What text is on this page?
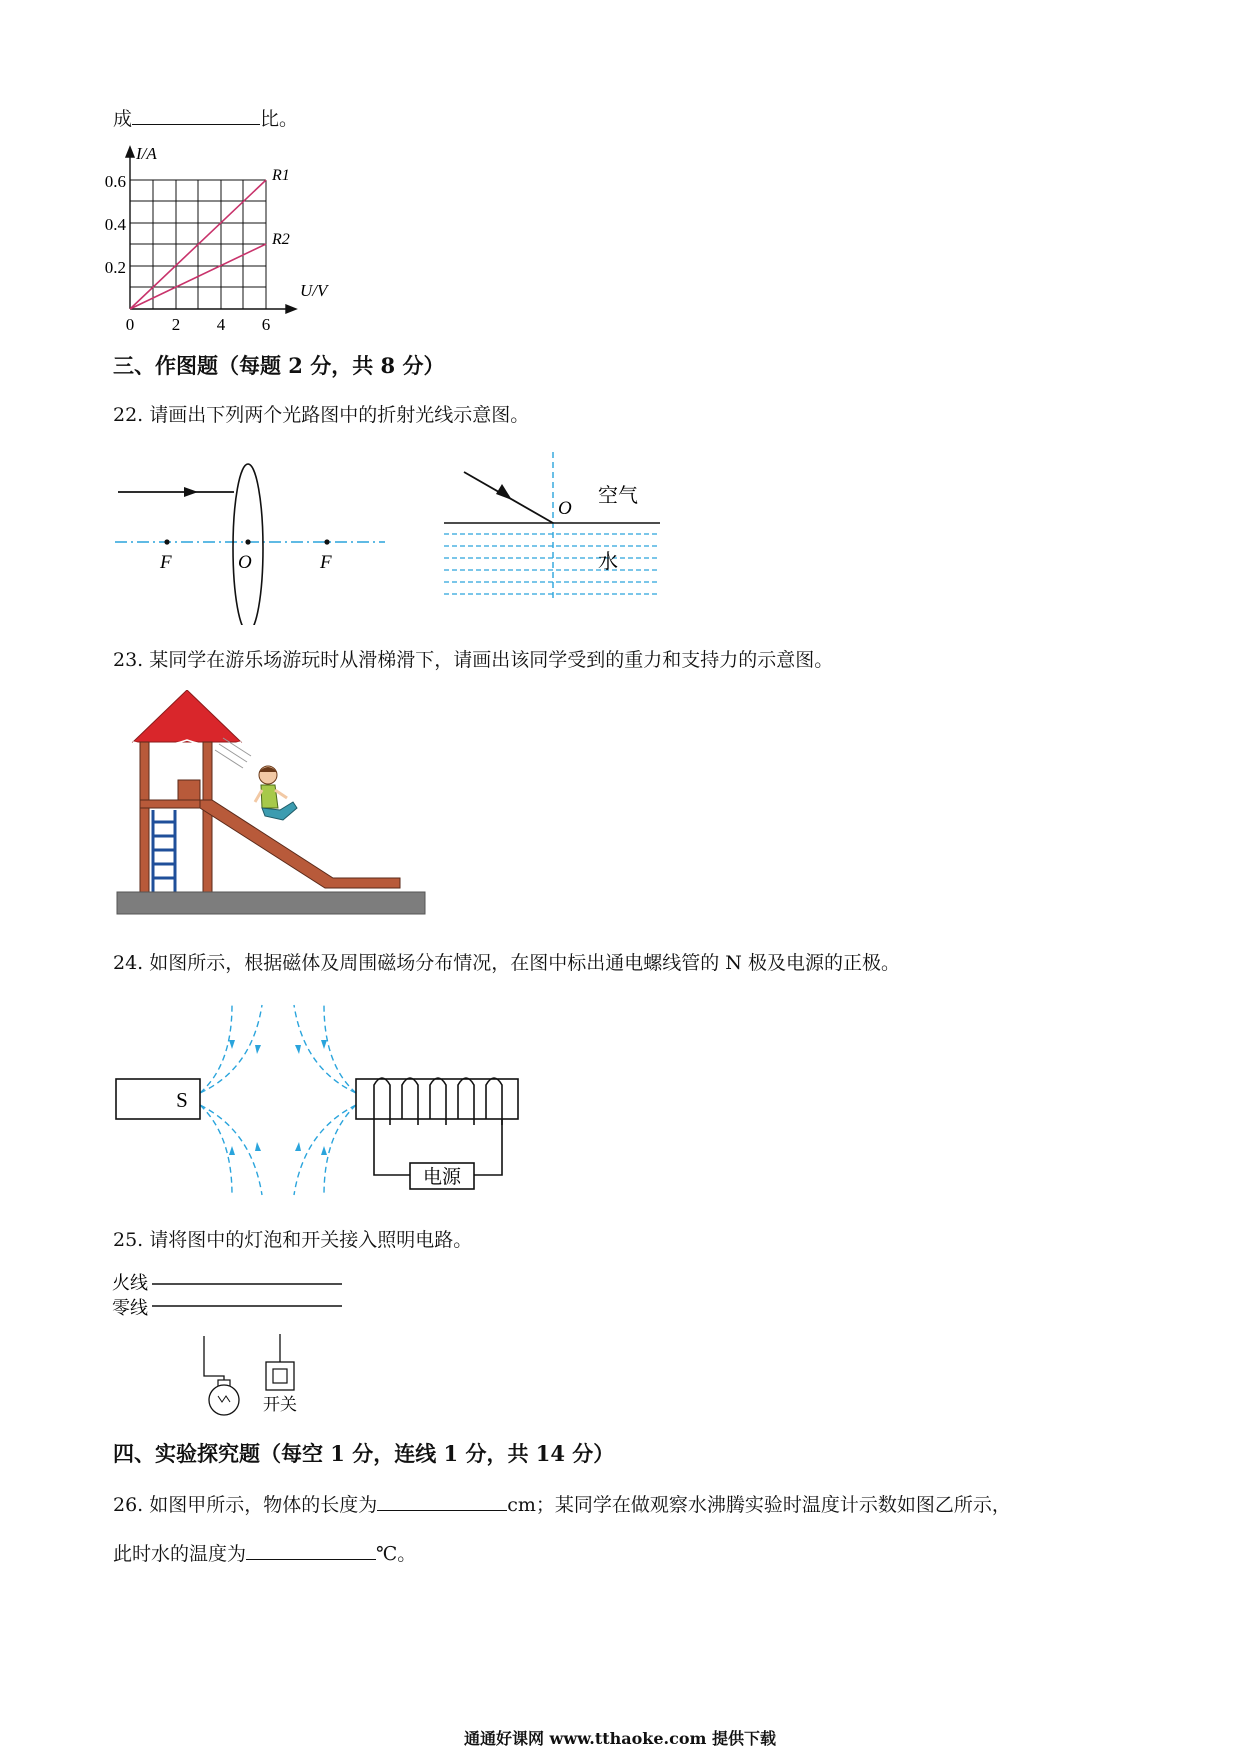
成	比。
I/A
U/V
0.6
0.4
0.2
0 2 4 6
R1
R2
三、作图题（每题 2 分，共 8 分）
22. 请画出下列两个光路图中的折射光线示意图。
F	O	F
O
空气
水
23. 某同学在游乐场游玩时从滑梯滑下，请画出该同学受到的重力和支持力的示意图。
24. 如图所示，根据磁体及周围磁场分布情况，在图中标出通电螺线管的 N 极及电源的正极。
S
电源
25. 请将图中的灯泡和开关接入照明电路。
火线
零线
开关
四、实验探究题（每空 1 分，连线 1 分，共 14 分）
26. 如图甲所示，物体的长度为	cm；某同学在做观察水沸腾实验时温度计示数如图乙所示，
此时水的温度为	℃。
通通好课网 www.tthaoke.com 提供下载
